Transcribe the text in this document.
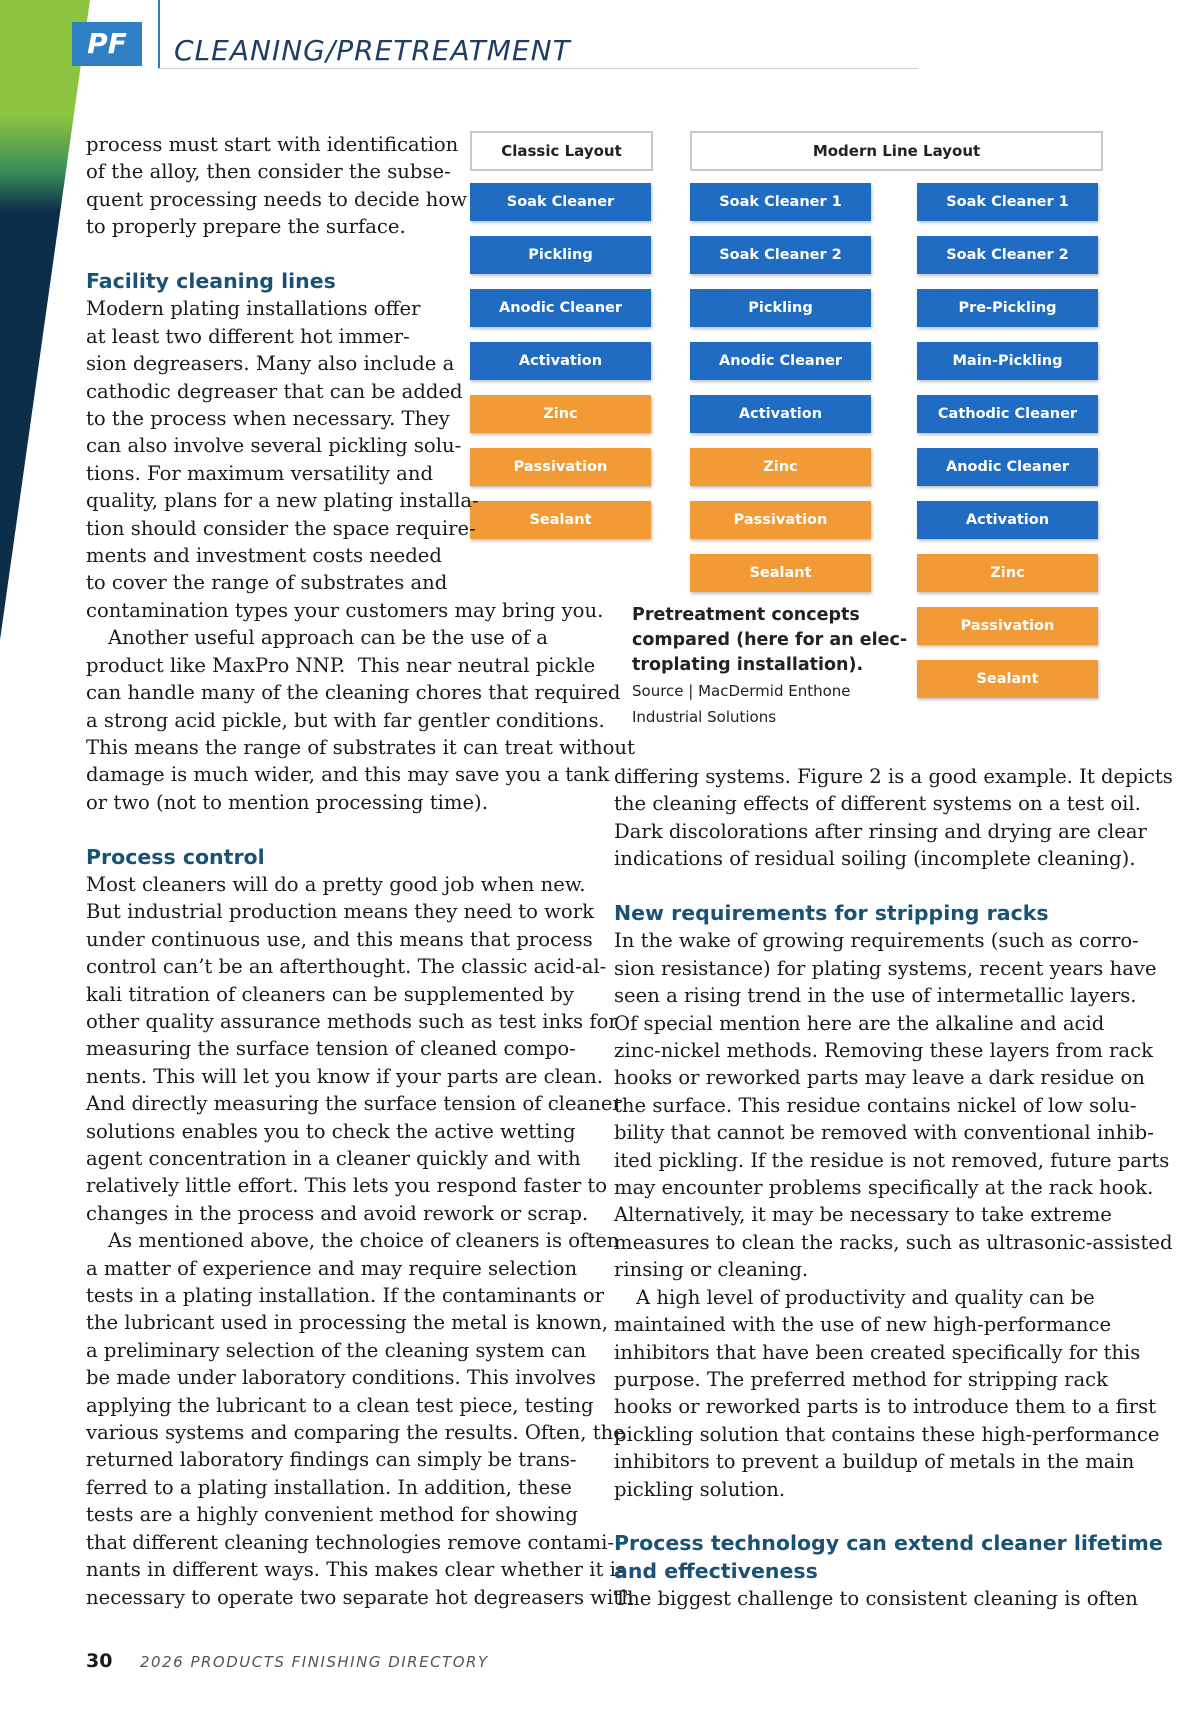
PF	CLEANING/PRETREATMENT
Classic Layout	Modern Line Layout
Soak Cleaner
Pickling
Anodic Cleaner
Activation
Zinc
Passivation
Sealant
Soak Cleaner 1
Soak Cleaner 2
Pickling
Anodic Cleaner
Activation
Zinc
Passivation
Sealant
Soak Cleaner 1
Soak Cleaner 2
Pre-Pickling
Main-Pickling
Cathodic Cleaner
Anodic Cleaner
Activation
Zinc
Passivation
Sealant
Pretreatment concepts
compared (here for an elec-
troplating installation).
Source | MacDermid Enthone
Industrial Solutions
process must start with identification
of the alloy, then consider the subse-
quent processing needs to decide how
to properly prepare the surface.
Facility cleaning lines
Modern plating installations offer
at least two different hot immer-
sion degreasers. Many also include a
cathodic degreaser that can be added
to the process when necessary. They
can also involve several pickling solu-
tions. For maximum versatility and
quality, plans for a new plating installa-
tion should consider the space require-
ments and investment costs needed
to cover the range of substrates and
contamination types your customers may bring you.
Another useful approach can be the use of a
product like MaxPro NNP.  This near neutral pickle
can handle many of the cleaning chores that required
a strong acid pickle, but with far gentler conditions.
This means the range of substrates it can treat without
damage is much wider, and this may save you a tank
or two (not to mention processing time).
Process control
Most cleaners will do a pretty good job when new.
But industrial production means they need to work
under continuous use, and this means that process
control can’t be an afterthought. The classic acid-al-
kali titration of cleaners can be supplemented by
other quality assurance methods such as test inks for
measuring the surface tension of cleaned compo-
nents. This will let you know if your parts are clean.
And directly measuring the surface tension of cleaner
solutions enables you to check the active wetting
agent concentration in a cleaner quickly and with
relatively little effort. This lets you respond faster to
changes in the process and avoid rework or scrap.
As mentioned above, the choice of cleaners is often
a matter of experience and may require selection
tests in a plating installation. If the contaminants or
the lubricant used in processing the metal is known,
a preliminary selection of the cleaning system can
be made under laboratory conditions. This involves
applying the lubricant to a clean test piece, testing
various systems and comparing the results. Often, the
returned laboratory findings can simply be trans-
ferred to a plating installation. In addition, these
tests are a highly convenient method for showing
that different cleaning technologies remove contami-
nants in different ways. This makes clear whether it is
necessary to operate two separate hot degreasers with
differing systems. Figure 2 is a good example. It depicts
the cleaning effects of different systems on a test oil.
Dark discolorations after rinsing and drying are clear
indications of residual soiling (incomplete cleaning).
New requirements for stripping racks
In the wake of growing requirements (such as corro-
sion resistance) for plating systems, recent years have
seen a rising trend in the use of intermetallic layers.
Of special mention here are the alkaline and acid
zinc-nickel methods. Removing these layers from rack
hooks or reworked parts may leave a dark residue on
the surface. This residue contains nickel of low solu-
bility that cannot be removed with conventional inhib-
ited pickling. If the residue is not removed, future parts
may encounter problems specifically at the rack hook.
Alternatively, it may be necessary to take extreme
measures to clean the racks, such as ultrasonic-assisted
rinsing or cleaning.
A high level of productivity and quality can be
maintained with the use of new high-performance
inhibitors that have been created specifically for this
purpose. The preferred method for stripping rack
hooks or reworked parts is to introduce them to a first
pickling solution that contains these high-performance
inhibitors to prevent a buildup of metals in the main
pickling solution.
Process technology can extend cleaner lifetime
and effectiveness
The biggest challenge to consistent cleaning is often
30 2026 PRODUCTS FINISHING DIRECTORY
